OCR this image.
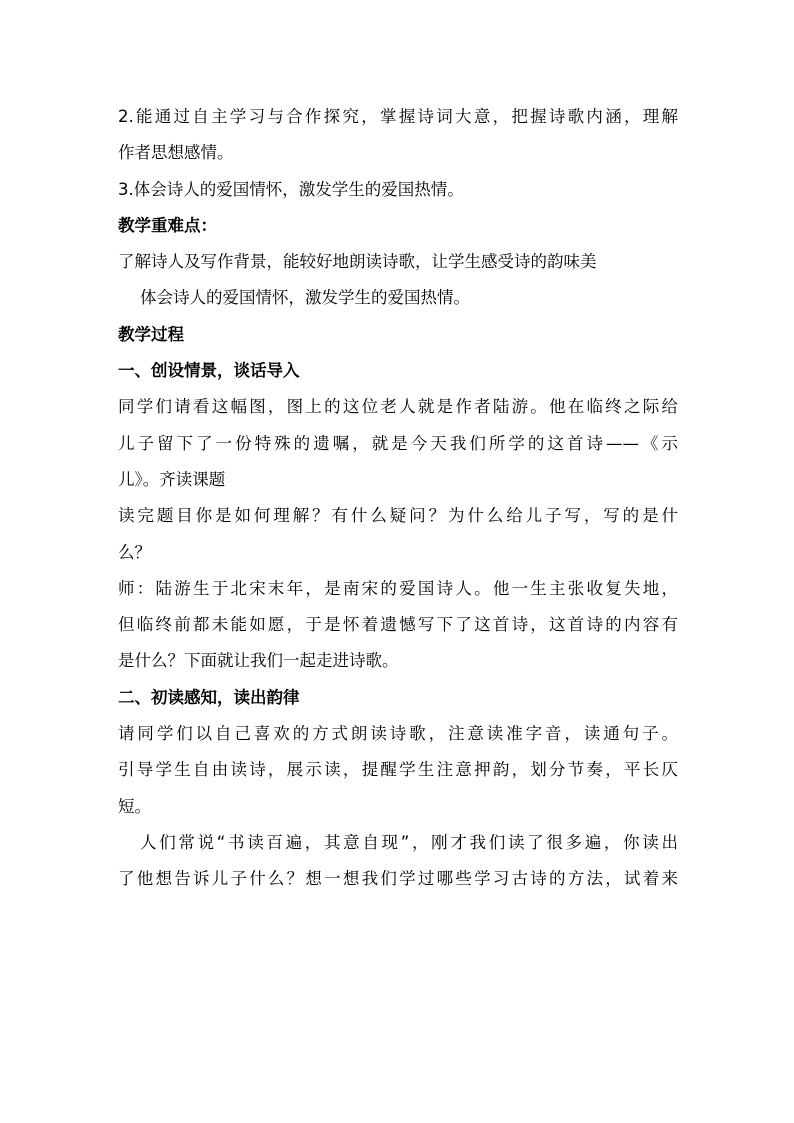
2.能通过自主学习与合作探究，掌握诗词大意，把握诗歌内涵，理解
作者思想感情。
3.体会诗人的爱国情怀，激发学生的爱国热情。
教学重难点：
了解诗人及写作背景，能较好地朗读诗歌，让学生感受诗的韵味美
体会诗人的爱国情怀，激发学生的爱国热情。
教学过程
一、创设情景，谈话导入
同学们请看这幅图，图上的这位老人就是作者陆游。他在临终之际给
儿子留下了一份特殊的遗嘱，就是今天我们所学的这首诗——《示
儿》。齐读课题
读完题目你是如何理解？有什么疑问？为什么给儿子写，写的是什
么？
师：陆游生于北宋末年，是南宋的爱国诗人。他一生主张收复失地，
但临终前都未能如愿，于是怀着遗憾写下了这首诗，这首诗的内容有
是什么？下面就让我们一起走进诗歌。
二、初读感知，读出韵律
请同学们以自己喜欢的方式朗读诗歌，注意读准字音，读通句子。
引导学生自由读诗，展示读，提醒学生注意押韵，划分节奏，平长仄
短。
人们常说“书读百遍，其意自现”，刚才我们读了很多遍，你读出
了他想告诉儿子什么？想一想我们学过哪些学习古诗的方法，试着来
